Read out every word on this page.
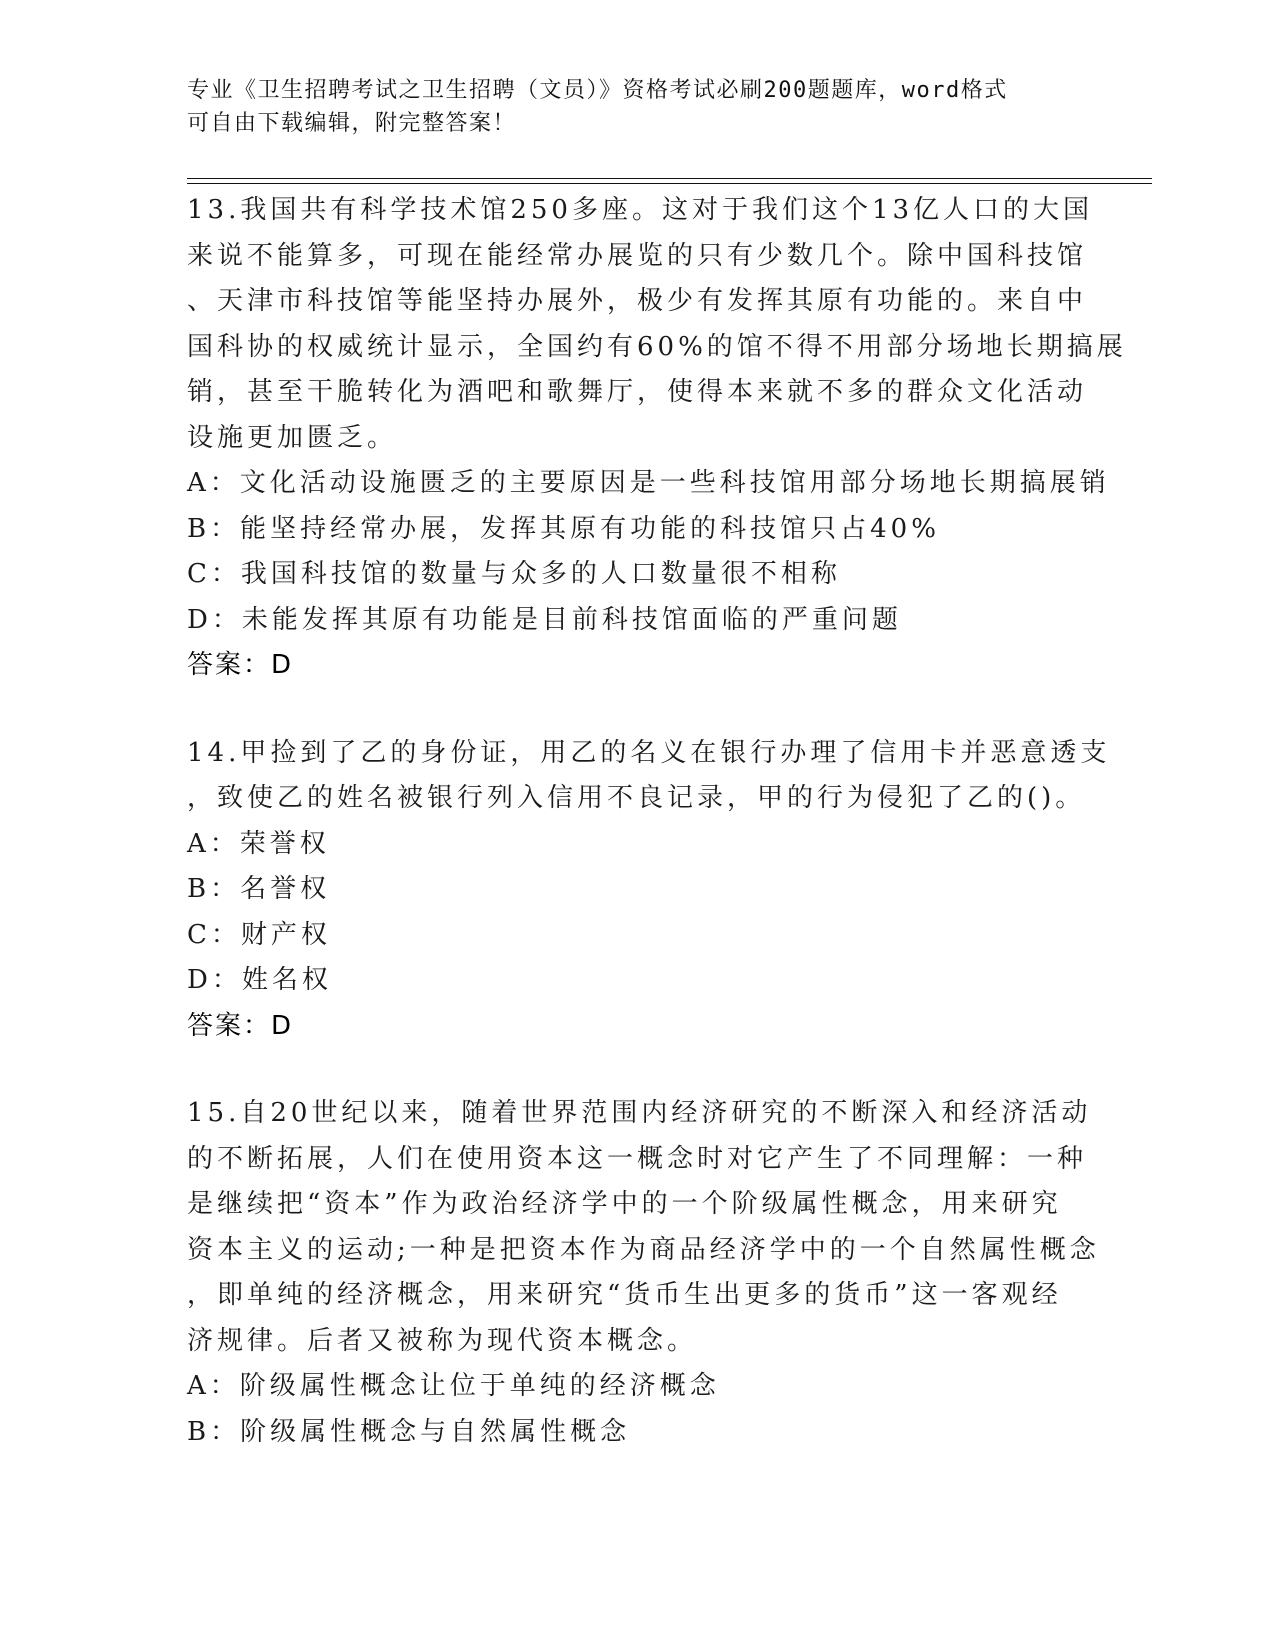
专业《卫生招聘考试之卫生招聘（文员）》资格考试必刷200题题库，word格式
可自由下载编辑，附完整答案！
13.我国共有科学技术馆250多座。这对于我们这个13亿人口的大国
来说不能算多，可现在能经常办展览的只有少数几个。除中国科技馆
、天津市科技馆等能坚持办展外，极少有发挥其原有功能的。来自中
国科协的权威统计显示，全国约有60%的馆不得不用部分场地长期搞展
销，甚至干脆转化为酒吧和歌舞厅，使得本来就不多的群众文化活动
设施更加匮乏。
A：文化活动设施匮乏的主要原因是一些科技馆用部分场地长期搞展销
B：能坚持经常办展，发挥其原有功能的科技馆只占40%
C：我国科技馆的数量与众多的人口数量很不相称
D：未能发挥其原有功能是目前科技馆面临的严重问题
答案：D
14.甲捡到了乙的身份证，用乙的名义在银行办理了信用卡并恶意透支
，致使乙的姓名被银行列入信用不良记录，甲的行为侵犯了乙的()。
A：荣誉权
B：名誉权
C：财产权
D：姓名权
答案：D
15.自20世纪以来，随着世界范围内经济研究的不断深入和经济活动
的不断拓展，人们在使用资本这一概念时对它产生了不同理解：一种
是继续把“资本”作为政治经济学中的一个阶级属性概念，用来研究
资本主义的运动;一种是把资本作为商品经济学中的一个自然属性概念
，即单纯的经济概念，用来研究“货币生出更多的货币”这一客观经
济规律。后者又被称为现代资本概念。
A：阶级属性概念让位于单纯的经济概念
B：阶级属性概念与自然属性概念
